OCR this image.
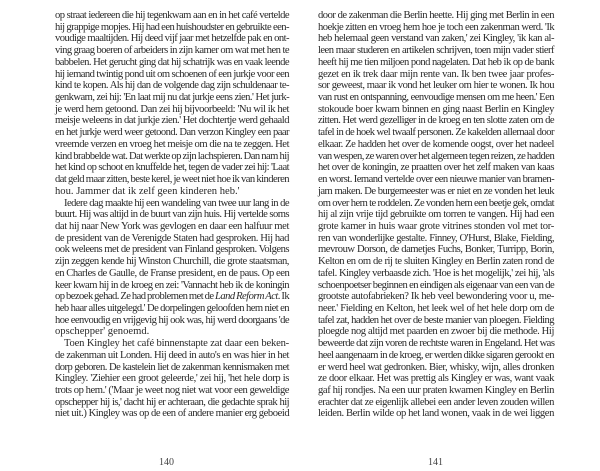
op straat iedereen die hij tegenkwam aan en in het café vertelde
hij grappige mopjes. Hij had een huishoudster en gebruikte een-
voudige maaltijden. Hij deed vijf jaar met hetzelfde pak en ont-
ving graag boeren of arbeiders in zijn kamer om wat met hen te
babbelen. Het gerucht ging dat hij schatrijk was en vaak leende
hij iemand twintig pond uit om schoenen of een jurkje voor een
kind te kopen. Als hij dan de volgende dag zijn schuldenaar te-
genkwam, zei hij: 'En laat mij nu dat jurkje eens zien.' Het jurk-
je werd hem getoond. Dan zei hij bijvoorbeeld: 'Nu wil ik het
meisje weleens in dat jurkje zien.' Het dochtertje werd gehaald
en het jurkje werd weer getoond. Dan verzon Kingley een paar
vreemde verzen en vroeg het meisje om die na te zeggen. Het
kind brabbelde wat. Dat werkte op zijn lachspieren. Dan nam hij
het kind op schoot en knuffelde het, tegen de vader zei hij: 'Laat
dat geld maar zitten, beste kerel, je weet niet hoe ik van kinderen
hou. Jammer dat ik zelf geen kinderen heb.'
Iedere dag maakte hij een wandeling van twee uur lang in de
buurt. Hij was altijd in de buurt van zijn huis. Hij vertelde soms
dat hij naar New York was gevlogen en daar een halfuur met
de president van de Verenigde Staten had gesproken. Hij had
ook weleens met de president van Finland gesproken. Volgens
zijn zeggen kende hij Winston Churchill, die grote staatsman,
en Charles de Gaulle, de Franse president, en de paus. Op een
keer kwam hij in de kroeg en zei: 'Vannacht heb ik de koningin
op bezoek gehad. Ze had problemen met de Land Reform Act. Ik
heb haar alles uitgelegd.' De dorpelingen geloofden hem niet en
hoe eenvoudig en vrijgevig hij ook was, hij werd doorgaans 'de
opschepper' genoemd.
Toen Kingley het café binnenstapte zat daar een beken-
de zakenman uit Londen. Hij deed in auto's en was hier in het
dorp geboren. De kastelein liet de zakenman kennismaken met
Kingley. 'Ziehier een groot geleerde,' zei hij, 'het hele dorp is
trots op hem.' ('Maar je weet nog niet wat voor een geweldige
opschepper hij is,' dacht hij er achteraan, die gedachte sprak hij
niet uit.) Kingley was op de een of andere manier erg geboeid
door de zakenman die Berlin heette. Hij ging met Berlin in een
hoekje zitten en vroeg hem hoe je toch een zakenman werd. 'Ik
heb helemaal geen verstand van zaken,' zei Kingley, 'ik kan al-
leen maar studeren en artikelen schrijven, toen mijn vader stierf
heeft hij me tien miljoen pond nagelaten. Dat heb ik op de bank
gezet en ik trek daar mijn rente van. Ik ben twee jaar profes-
sor geweest, maar ik vond het leuker om hier te wonen. Ik hou
van rust en ontspanning, eenvoudige mensen om me heen.' Een
stokoude boer kwam binnen en ging naast Berlin en Kingley
zitten. Het werd gezelliger in de kroeg en ten slotte zaten om de
tafel in de hoek wel twaalf personen. Ze kakelden allemaal door
elkaar. Ze hadden het over de komende oogst, over het nadeel
van wespen, ze waren over het algemeen tegen reizen, ze hadden
het over de koningin, ze praatten over het zelf maken van kaas
en worst. Iemand vertelde over een nieuwe manier van bramen-
jam maken. De burgemeester was er niet en ze vonden het leuk
om over hem te roddelen. Ze vonden hem een beetje gek, omdat
hij al zijn vrije tijd gebruikte om torren te vangen. Hij had een
grote kamer in huis waar grote vitrines stonden vol met tor-
ren van wonderlijke gestalte. Finney, O'Hurst, Blake, Fielding,
mevrouw Dorson, de dametjes Fuchs, Bonker, Turripp, Borin,
Kelton en om de rij te sluiten Kingley en Berlin zaten rond de
tafel. Kingley verbaasde zich. 'Hoe is het mogelijk,' zei hij, 'als
schoenpoetser beginnen en eindigen als eigenaar van een van de
grootste autofabrieken? Ik heb veel bewondering voor u, me-
neer.' Fielding en Kelton, het leek wel of het hele dorp om de
tafel zat, hadden het over de beste manier van ploegen. Fielding
ploegde nog altijd met paarden en zwoer bij die methode. Hij
beweerde dat zijn voren de rechtste waren in Engeland. Het was
heel aangenaam in de kroeg, er werden dikke sigaren gerookt en
er werd heel wat gedronken. Bier, whisky, wijn, alles dronken
ze door elkaar. Het was prettig als Kingley er was, want vaak
gaf hij rondjes. Na een uur praten kwamen Kingley en Berlin
erachter dat ze eigenlijk allebei een ander leven zouden willen
leiden. Berlin wilde op het land wonen, vaak in de wei liggen
140	141
